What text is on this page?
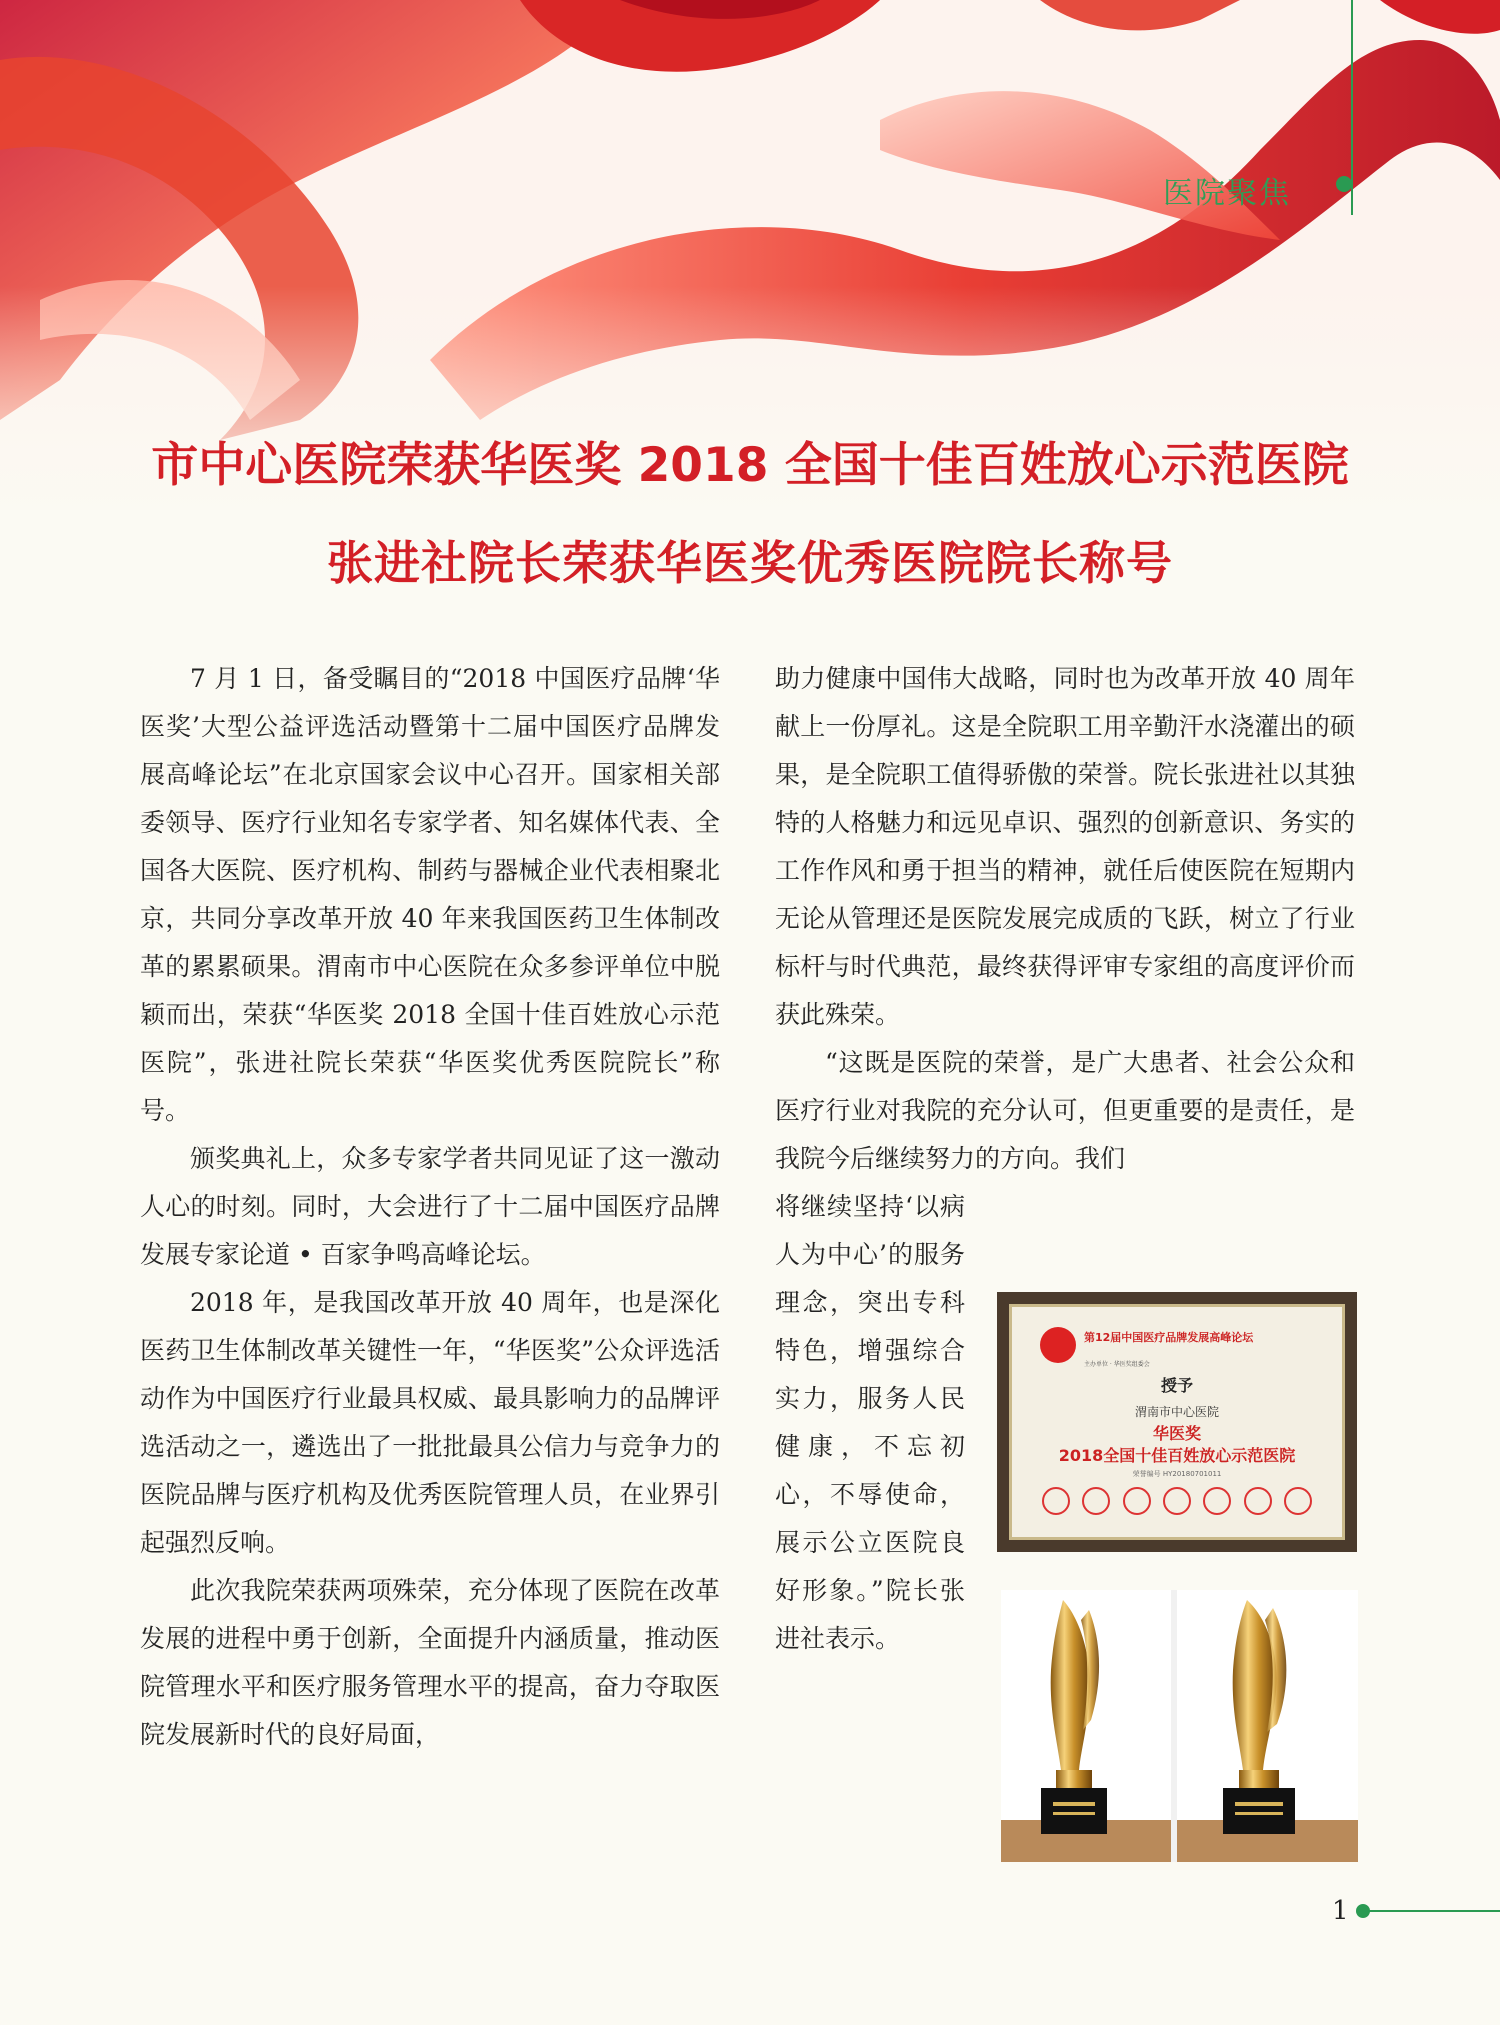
医院聚焦
市中心医院荣获华医奖 2018 全国十佳百姓放心示范医院
张进社院长荣获华医奖优秀医院院长称号

7 月 1 日，备受瞩目的“2018 中国医疗品牌‘华医奖’大型公益评选活动暨第十二届中国医疗品牌发展高峰论坛”在北京国家会议中心召开。国家相关部委领导、医疗行业知名专家学者、知名媒体代表、全国各大医院、医疗机构、制药与器械企业代表相聚北京，共同分享改革开放 40 年来我国医药卫生体制改革的累累硕果。渭南市中心医院在众多参评单位中脱颖而出，荣获“华医奖 2018 全国十佳百姓放心示范医院”，张进社院长荣获“华医奖优秀医院院长”称号。

颁奖典礼上，众多专家学者共同见证了这一激动人心的时刻。同时，大会进行了十二届中国医疗品牌发展专家论道 • 百家争鸣高峰论坛。

2018 年，是我国改革开放 40 周年，也是深化医药卫生体制改革关键性一年，“华医奖”公众评选活动作为中国医疗行业最具权威、最具影响力的品牌评选活动之一，遴选出了一批批最具公信力与竞争力的医院品牌与医疗机构及优秀医院管理人员，在业界引起强烈反响。

此次我院荣获两项殊荣，充分体现了医院在改革发展的进程中勇于创新，全面提升内涵质量，推动医院管理水平和医疗服务管理水平的提高，奋力夺取医院发展新时代的良好局面，

助力健康中国伟大战略，同时也为改革开放 40 周年献上一份厚礼。这是全院职工用辛勤汗水浇灌出的硕果，是全院职工值得骄傲的荣誉。院长张进社以其独特的人格魅力和远见卓识、强烈的创新意识、务实的工作作风和勇于担当的精神，就任后使医院在短期内无论从管理还是医院发展完成质的飞跃，树立了行业标杆与时代典范，最终获得评审专家组的高度评价而获此殊荣。

“这既是医院的荣誉，是广大患者、社会公众和医疗行业对我院的充分认可，但更重要的是责任，是我院今后继续努力的方向。我们

将继续坚持‘以病人为中心’的服务理念，突出专科特色，增强综合实力，服务人民健康，不忘初心，不辱使命，展示公立医院良好形象。”院长张进社表示。

第12届中国医疗品牌发展高峰论坛
主办单位 · 华医奖组委会
授予
渭南市中心医院
华医奖
2018全国十佳百姓放心示范医院
荣誉编号 HY20180701011
1
